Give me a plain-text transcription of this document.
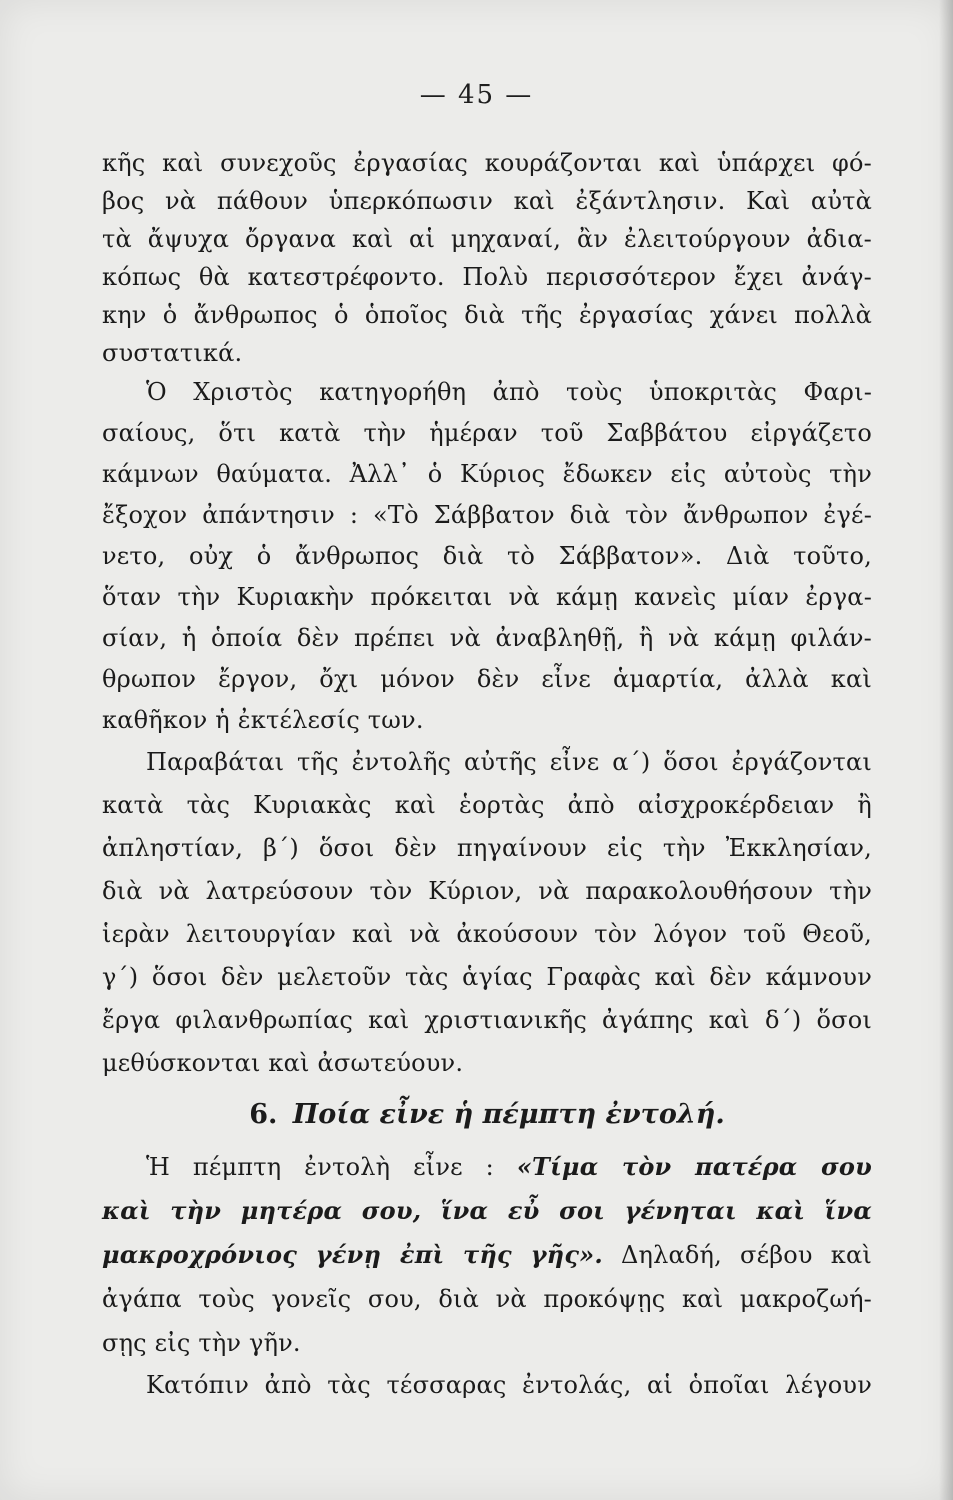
— 45 —
κῆς καὶ συνεχοῦς ἐργασίας κουράζονται καὶ ὑπάρχει φό-
βος νὰ πάθουν ὑπερκόπωσιν καὶ ἐξάντλησιν. Καὶ αὐτὰ
τὰ ἄψυχα ὄργανα καὶ αἱ μηχαναί, ἂν ἐλειτούργουν ἀδια-
κόπως θὰ κατεστρέφοντο. Πολὺ περισσότερον ἔχει ἀνάγ-
κην ὁ ἄνθρωπος ὁ ὁποῖος διὰ τῆς ἐργασίας χάνει πολλὰ
συστατικά.
Ὁ Χριστὸς κατηγορήθη ἀπὸ τοὺς ὑποκριτὰς Φαρι-
σαίους, ὅτι κατὰ τὴν ἡμέραν τοῦ Σαββάτου εἰργάζετο
κάμνων θαύματα. Ἀλλ᾽ ὁ Κύριος ἔδωκεν εἰς αὐτοὺς τὴν
ἔξοχον ἀπάντησιν : «Τὸ Σάββατον διὰ τὸν ἄνθρωπον ἐγέ-
νετο, οὐχ ὁ ἄνθρωπος διὰ τὸ Σάββατον». Διὰ τοῦτο,
ὅταν τὴν Κυριακὴν πρόκειται νὰ κάμῃ κανεὶς μίαν ἐργα-
σίαν, ἡ ὁποία δὲν πρέπει νὰ ἀναβληθῇ, ἢ νὰ κάμῃ φιλάν-
θρωπον ἔργον, ὄχι μόνον δὲν εἶνε ἁμαρτία, ἀλλὰ καὶ
καθῆκον ἡ ἐκτέλεσίς των.
Παραβάται τῆς ἐντολῆς αὐτῆς εἶνε α΄) ὅσοι ἐργάζονται
κατὰ τὰς Κυριακὰς καὶ ἑορτὰς ἀπὸ αἰσχροκέρδειαν ἢ
ἀπληστίαν, β΄) ὅσοι δὲν πηγαίνουν εἰς τὴν Ἐκκλησίαν,
διὰ νὰ λατρεύσουν τὸν Κύριον, νὰ παρακολουθήσουν τὴν
ἱερὰν λειτουργίαν καὶ νὰ ἀκούσουν τὸν λόγον τοῦ Θεοῦ,
γ΄) ὅσοι δὲν μελετοῦν τὰς ἁγίας Γραφὰς καὶ δὲν κάμνουν
ἔργα φιλανθρωπίας καὶ χριστιανικῆς ἀγάπης καὶ δ΄) ὅσοι
μεθύσκονται καὶ ἀσωτεύουν.
6. Ποία εἶνε ἡ πέμπτη ἐντολή.
Ἡ πέμπτη ἐντολὴ εἶνε : «Τίμα τὸν πατέρα σου
καὶ τὴν μητέρα σου, ἵνα εὖ σοι γένηται καὶ ἵνα
μακροχρόνιος γένῃ ἐπὶ τῆς γῆς». Δηλαδή, σέβου καὶ
ἀγάπα τοὺς γονεῖς σου, διὰ νὰ προκόψῃς καὶ μακροζωή-
σῃς εἰς τὴν γῆν.
Κατόπιν ἀπὸ τὰς τέσσαρας ἐντολάς, αἱ ὁποῖαι λέγουν
